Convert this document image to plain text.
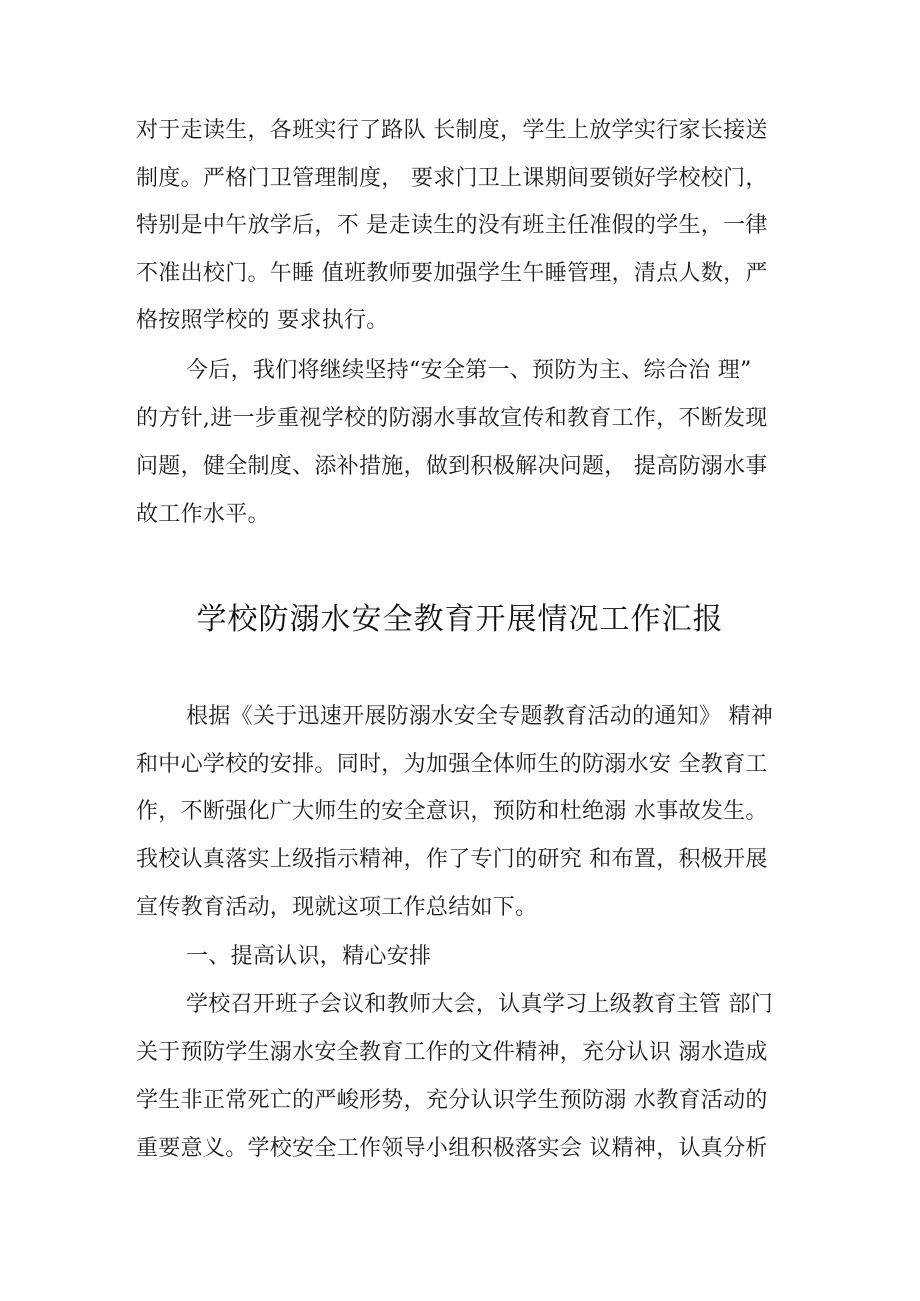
对于走读生，各班实行了路队 长制度，学生上放学实行家长接送
制度。严格门卫管理制度， 要求门卫上课期间要锁好学校校门，
特别是中午放学后，不 是走读生的没有班主任准假的学生，一律
不准出校门。午睡 值班教师要加强学生午睡管理，清点人数，严
格按照学校的 要求执行。
今后，我们将继续坚持“安全第一、预防为主、综合治 理”
的方针,进一步重视学校的防溺水事故宣传和教育工作，不断发现
问题，健全制度、添补措施，做到积极解决问题， 提高防溺水事
故工作水平。
学校防溺水安全教育开展情况工作汇报
根据《关于迅速开展防溺水安全专题教育活动的通知》 精神
和中心学校的安排。同时，为加强全体师生的防溺水安 全教育工
作，不断强化广大师生的安全意识，预防和杜绝溺 水事故发生。
我校认真落实上级指示精神，作了专门的研究 和布置，积极开展
宣传教育活动，现就这项工作总结如下。
一、提高认识，精心安排
学校召开班子会议和教师大会，认真学习上级教育主管 部门
关于预防学生溺水安全教育工作的文件精神，充分认识 溺水造成
学生非正常死亡的严峻形势，充分认识学生预防溺 水教育活动的
重要意义。学校安全工作领导小组积极落实会 议精神，认真分析
